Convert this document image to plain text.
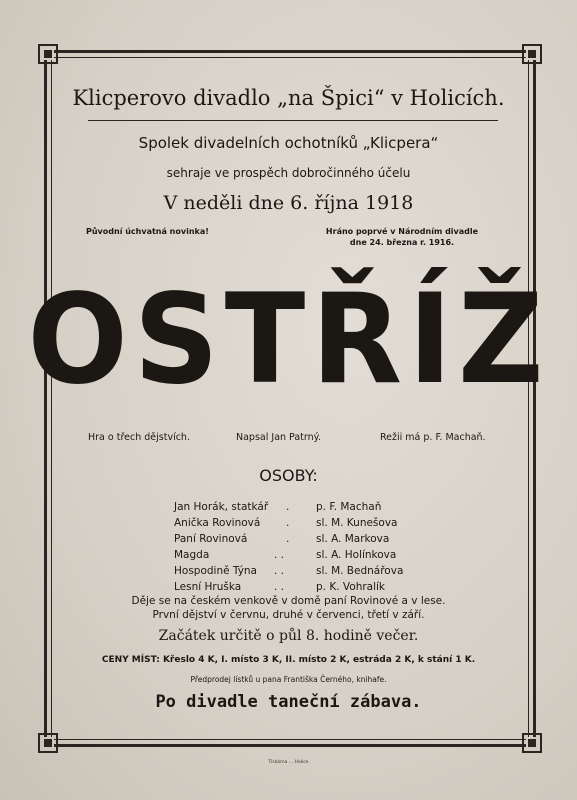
Klicperovo divadlo „na Špici“ v Holicích.
Spolek divadelních ochotníků „Klicpera“
sehraje ve prospěch dobročinného účelu
V neděli dne 6. října 1918
Původní úchvatná novinka!	Hráno poprvé v Národním divadle
dne 24. března r. 1916.
OSTŘÍŽ
Hra o třech dějstvích.	Napsal Jan Patrný.	Režii má p. F. Machaň.
OSOBY:
Jan Horák, statkář .	p. F. Machaň
Anička Rovinová .	sl. M. Kunešova
Paní Rovinová	.	sl. A. Markova
Magda	. .	sl. A. Holínkova
Hospodině Týna . .	sl. M. Bednářova
Lesní Hruška	. .	p. K. Vohralík
Děje se na českém venkově v domě paní Rovinové a v lese.
První dějství v červnu, druhé v červenci, třetí v září.
Začátek určitě o půl 8. hodině večer.
CENY MÍST: Křeslo 4 K, I. místo 3 K, II. místo 2 K, estráda 2 K, k stání 1 K.
Předprodej lístků u pana Františka Černého, knihafe.
Po divadle taneční zábava.
Tiskárna ... Holice
